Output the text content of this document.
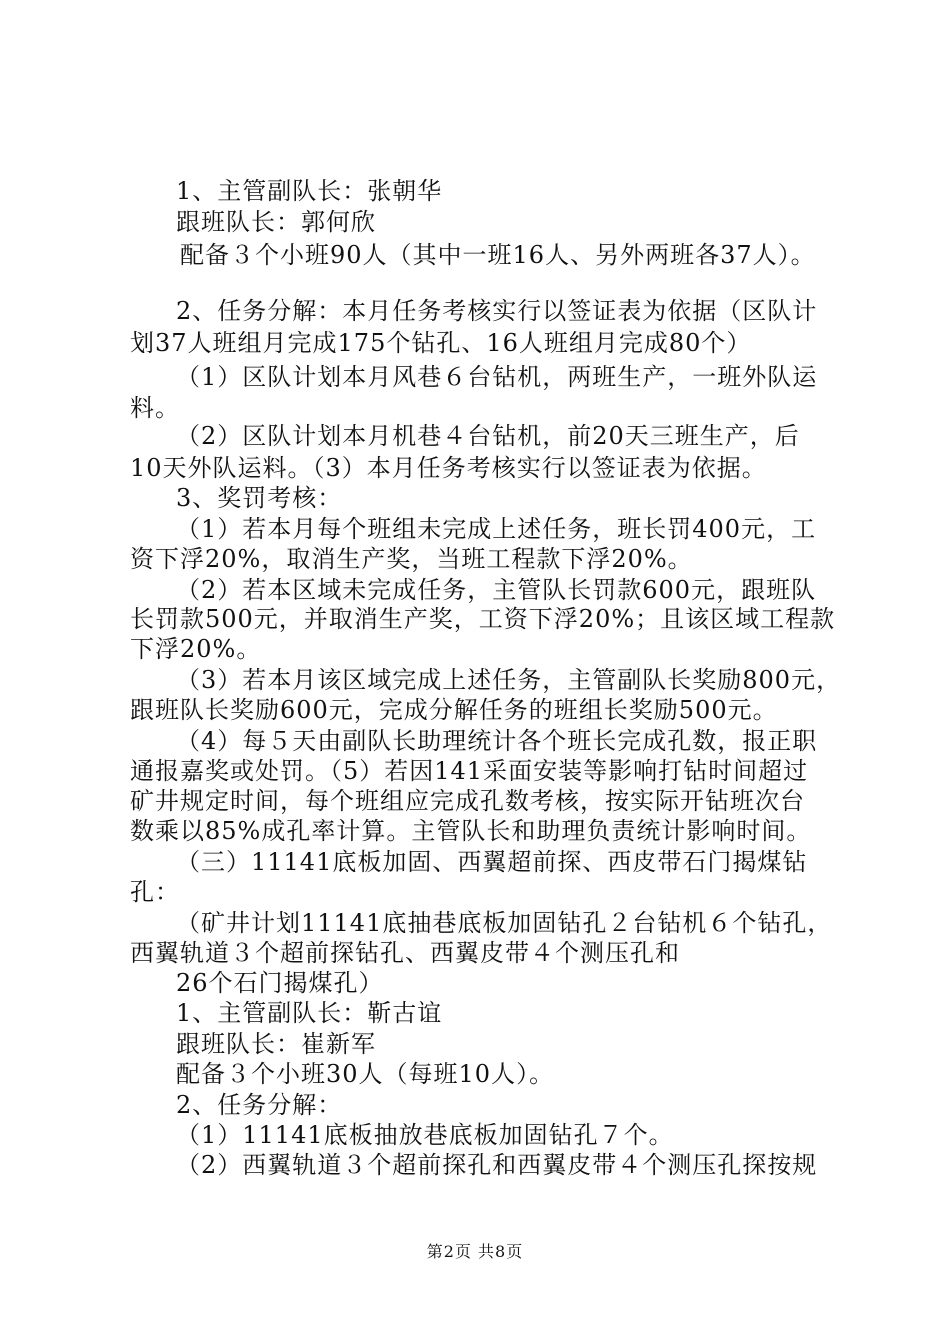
1、主管副队长：张朝华
跟班队长：郭何欣
配备３个小班90人（其中一班16人、另外两班各37人）。
2、任务分解：本月任务考核实行以签证表为依据（区队计
划37人班组月完成175个钻孔、16人班组月完成80个）
（1）区队计划本月风巷６台钻机，两班生产，一班外队运
料。
（2）区队计划本月机巷４台钻机，前20天三班生产，后
10天外队运料。（3）本月任务考核实行以签证表为依据。
3、奖罚考核：
（1）若本月每个班组未完成上述任务，班长罚400元，工
资下浮20%，取消生产奖，当班工程款下浮20%。
（2）若本区域未完成任务，主管队长罚款600元，跟班队
长罚款500元，并取消生产奖，工资下浮20%；且该区域工程款
下浮20%。
（3）若本月该区域完成上述任务，主管副队长奖励800元，
跟班队长奖励600元，完成分解任务的班组长奖励500元。
（4）每５天由副队长助理统计各个班长完成孔数，报正职
通报嘉奖或处罚。（5）若因141采面安装等影响打钻时间超过
矿井规定时间，每个班组应完成孔数考核，按实际开钻班次台
数乘以85%成孔率计算。主管队长和助理负责统计影响时间。
（三）11141底板加固、西翼超前探、西皮带石门揭煤钻
孔：
（矿井计划11141底抽巷底板加固钻孔２台钻机６个钻孔，
西翼轨道３个超前探钻孔、西翼皮带４个测压孔和
26个石门揭煤孔）
1、主管副队长：靳古谊
跟班队长：崔新军
配备３个小班30人（每班10人）。
2、任务分解：
（1）11141底板抽放巷底板加固钻孔７个。
（2）西翼轨道３个超前探孔和西翼皮带４个测压孔探按规
第2页 共8页
